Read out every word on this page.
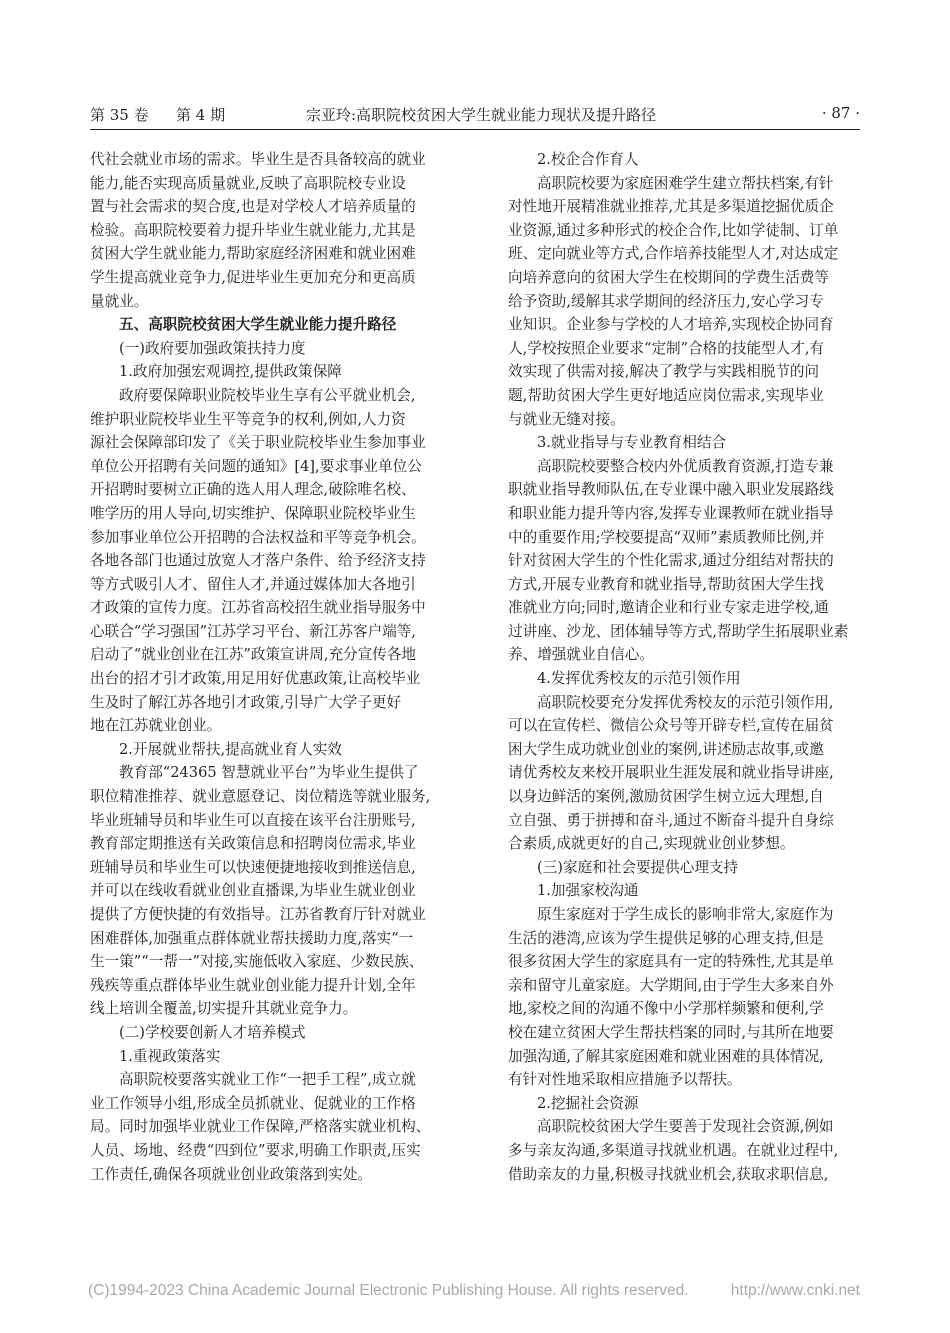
第 35 卷 第 4 期	宗亚玲:高职院校贫困大学生就业能力现状及提升路径	· 87 ·
代社会就业市场的需求。毕业生是否具备较高的就业
能力,能否实现高质量就业,反映了高职院校专业设
置与社会需求的契合度,也是对学校人才培养质量的
检验。高职院校要着力提升毕业生就业能力,尤其是
贫困大学生就业能力,帮助家庭经济困难和就业困难
学生提高就业竞争力,促进毕业生更加充分和更高质
量就业。
五、高职院校贫困大学生就业能力提升路径
(一)政府要加强政策扶持力度
1.政府加强宏观调控,提供政策保障
政府要保障职业院校毕业生享有公平就业机会,
维护职业院校毕业生平等竞争的权利,例如,人力资
源社会保障部印发了《关于职业院校毕业生参加事业
单位公开招聘有关问题的通知》[4],要求事业单位公
开招聘时要树立正确的选人用人理念,破除唯名校、
唯学历的用人导向,切实维护、保障职业院校毕业生
参加事业单位公开招聘的合法权益和平等竞争机会。
各地各部门也通过放宽人才落户条件、给予经济支持
等方式吸引人才、留住人才,并通过媒体加大各地引
才政策的宣传力度。江苏省高校招生就业指导服务中
心联合“学习强国”江苏学习平台、新江苏客户端等,
启动了“就业创业在江苏”政策宣讲周,充分宣传各地
出台的招才引才政策,用足用好优惠政策,让高校毕业
生及时了解江苏各地引才政策,引导广大学子更好
地在江苏就业创业。
2.开展就业帮扶,提高就业育人实效
教育部“24365 智慧就业平台”为毕业生提供了
职位精准推荐、就业意愿登记、岗位精选等就业服务,
毕业班辅导员和毕业生可以直接在该平台注册账号,
教育部定期推送有关政策信息和招聘岗位需求,毕业
班辅导员和毕业生可以快速便捷地接收到推送信息,
并可以在线收看就业创业直播课,为毕业生就业创业
提供了方便快捷的有效指导。江苏省教育厅针对就业
困难群体,加强重点群体就业帮扶援助力度,落实“一
生一策”“一帮一”对接,实施低收入家庭、少数民族、
残疾等重点群体毕业生就业创业能力提升计划,全年
线上培训全覆盖,切实提升其就业竞争力。
(二)学校要创新人才培养模式
1.重视政策落实
高职院校要落实就业工作“一把手工程”,成立就
业工作领导小组,形成全员抓就业、促就业的工作格
局。同时加强毕业就业工作保障,严格落实就业机构、
人员、场地、经费“四到位”要求,明确工作职责,压实
工作责任,确保各项就业创业政策落到实处。
2.校企合作育人
高职院校要为家庭困难学生建立帮扶档案,有针
对性地开展精准就业推荐,尤其是多渠道挖掘优质企
业资源,通过多种形式的校企合作,比如学徒制、订单
班、定向就业等方式,合作培养技能型人才,对达成定
向培养意向的贫困大学生在校期间的学费生活费等
给予资助,缓解其求学期间的经济压力,安心学习专
业知识。企业参与学校的人才培养,实现校企协同育
人,学校按照企业要求“定制”合格的技能型人才,有
效实现了供需对接,解决了教学与实践相脱节的问
题,帮助贫困大学生更好地适应岗位需求,实现毕业
与就业无缝对接。
3.就业指导与专业教育相结合
高职院校要整合校内外优质教育资源,打造专兼
职就业指导教师队伍,在专业课中融入职业发展路线
和职业能力提升等内容,发挥专业课教师在就业指导
中的重要作用;学校要提高“双师”素质教师比例,并
针对贫困大学生的个性化需求,通过分组结对帮扶的
方式,开展专业教育和就业指导,帮助贫困大学生找
准就业方向;同时,邀请企业和行业专家走进学校,通
过讲座、沙龙、团体辅导等方式,帮助学生拓展职业素
养、增强就业自信心。
4.发挥优秀校友的示范引领作用
高职院校要充分发挥优秀校友的示范引领作用,
可以在宣传栏、微信公众号等开辟专栏,宣传在届贫
困大学生成功就业创业的案例,讲述励志故事,或邀
请优秀校友来校开展职业生涯发展和就业指导讲座,
以身边鲜活的案例,激励贫困学生树立远大理想,自
立自强、勇于拼搏和奋斗,通过不断奋斗提升自身综
合素质,成就更好的自己,实现就业创业梦想。
(三)家庭和社会要提供心理支持
1.加强家校沟通
原生家庭对于学生成长的影响非常大,家庭作为
生活的港湾,应该为学生提供足够的心理支持,但是
很多贫困大学生的家庭具有一定的特殊性,尤其是单
亲和留守儿童家庭。大学期间,由于学生大多来自外
地,家校之间的沟通不像中小学那样频繁和便利,学
校在建立贫困大学生帮扶档案的同时,与其所在地要
加强沟通,了解其家庭困难和就业困难的具体情况,
有针对性地采取相应措施予以帮扶。
2.挖掘社会资源
高职院校贫困大学生要善于发现社会资源,例如
多与亲友沟通,多渠道寻找就业机遇。在就业过程中,
借助亲友的力量,积极寻找就业机会,获取求职信息,
(C)1994-2023 China Academic Journal Electronic Publishing House. All rights reserved.	http://www.cnki.net
